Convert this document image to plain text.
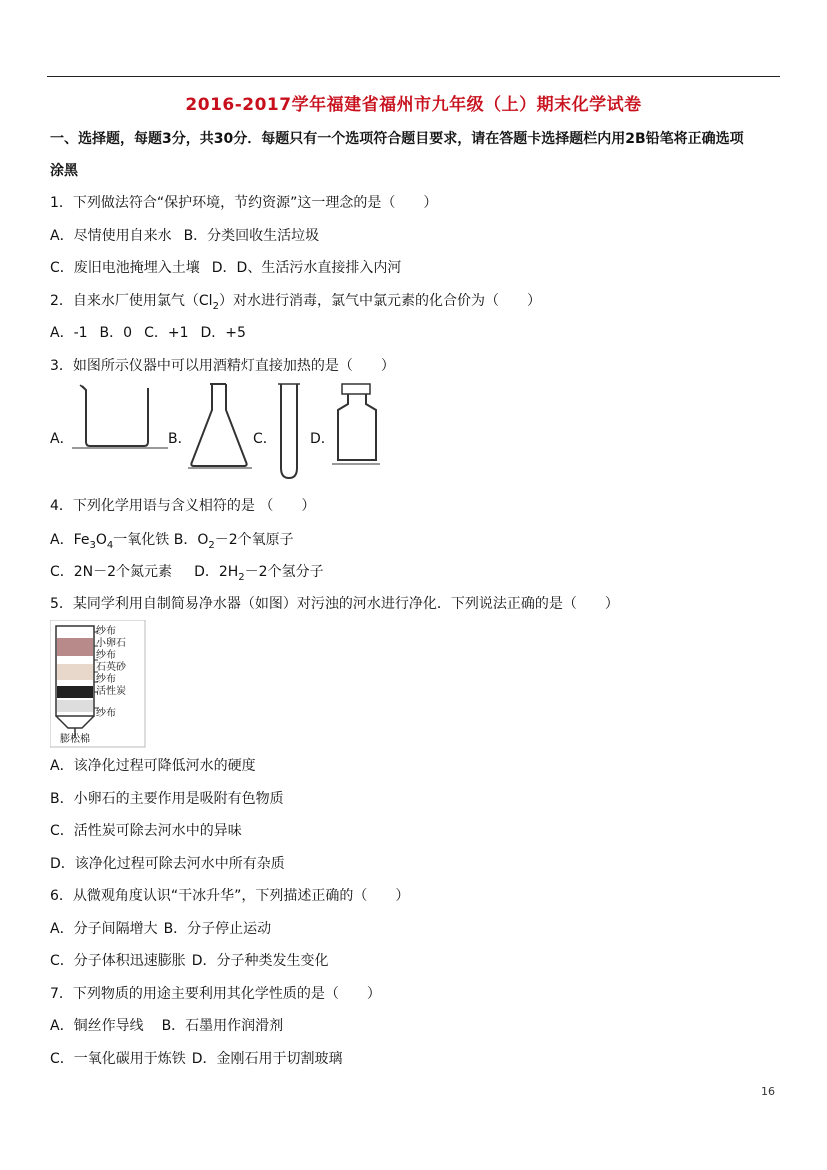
2016-2017学年福建省福州市九年级（上）期末化学试卷
一、选择题，每题3分，共30分．每题只有一个选项符合题目要求，请在答题卡选择题栏内用2B铅笔将正确选项
涂黑
1．下列做法符合“保护环境，节约资源”这一理念的是（　　）
A．尽情使用自来水 B．分类回收生活垃圾
C．废旧电池掩埋入土壤 D．D、生活污水直接排入内河
2．自来水厂使用氯气$(Cl_2)$对水进行消毒，氯气中氯元素的化合价为（　　）
A．-1 B．0 C．+1 D．+5
3．如图所示仪器中可以用酒精灯直接加热的是（　　）
A．	B．	C． D．
4．下列化学用语与含义相符的是 （　　）
A．$Fe_3O_4$一氧化铁 B．$O_2-2$个氧原子
C．2N－2个氮元素 D．$2H_2-2$个氢分子
5．某同学利用自制简易净水器（如图）对污浊的河水进行净化．下列说法正确的是（　　）
纱布
小卵石
纱布
石英砂
纱布
活性炭
纱布
膨松棉
A．该净化过程可降低河水的硬度
B．小卵石的主要作用是吸附有色物质
C．活性炭可除去河水中的异味
D．该净化过程可除去河水中所有杂质
6．从微观角度认识“干冰升华”，下列描述正确的（　　）
A．分子间隔增大 B．分子停止运动
C．分子体积迅速膨胀 D．分子种类发生变化
7．下列物质的用途主要利用其化学性质的是（　　）
A．铜丝作导线 B．石墨用作润滑剂
C．一氧化碳用于炼铁 D．金刚石用于切割玻璃
16
